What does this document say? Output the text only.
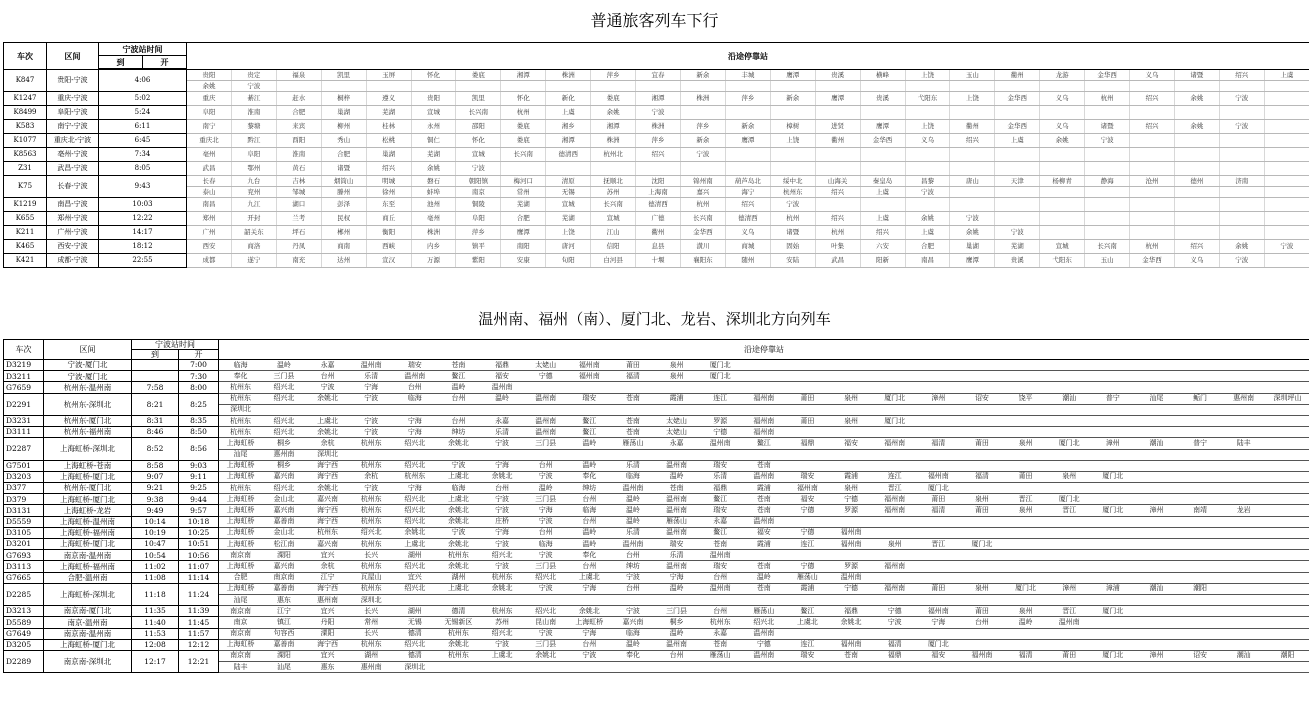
普通旅客列车下行
车次	区间	宁波站时间		沿途停靠站																								
		到	开																									

K847	贵阳-宁波	4:06		贵阳	贵定	福泉	凯里	玉屏	怀化	娄底	湘潭	株洲	萍乡	宜春	新余	丰城	鹰潭	贵溪	横峰	上饶	玉山	衢州	龙游	金华西	义乌	诸暨	绍兴	上虞
				余姚	宁波																							
K1247	重庆-宁波	5:02		重庆	綦江	赶水	桐梓	遵义	贵阳	凯里	怀化	新化	娄底	湘潭	株洲	萍乡	新余	鹰潭	贵溪	弋阳东	上饶	金华西	义乌	杭州	绍兴	余姚	宁波	
K8499	阜阳-宁波	5:24		阜阳	淮南	合肥	巢湖	芜湖	宣城	长兴南	杭州	上虞	余姚	宁波														
K583	南宁-宁波	6:11		南宁	黎塘	来宾	柳州	桂林	永州	邵阳	娄底	湘乡	湘潭	株洲	萍乡	新余	樟树	进贤	鹰潭	上饶	衢州	金华西	义乌	诸暨	绍兴	余姚	宁波	
K1077	重庆北-宁波	6:45		重庆北	黔江	酉阳	秀山	松桃	铜仁	怀化	娄底	湘潭	株洲	萍乡	新余	鹰潭	上饶	衢州	金华西	义乌	绍兴	上虞	余姚	宁波				
K8563	亳州-宁波	7:34		亳州	阜阳	淮南	合肥	巢湖	芜湖	宣城	长兴南	德清西	杭州北	绍兴	宁波													
Z31	武昌-宁波	8:05		武昌	鄂州	黄石	诸暨	绍兴	余姚	宁波																		
K75	长春-宁波	9:43		长春	九台	吉林	烟筒山	明城	磐石	朝阳镇	梅河口	清原	抚顺北	沈阳	锦州南	葫芦岛北	绥中北	山海关	秦皇岛	昌黎	唐山	天津	杨柳青	静海	沧州	德州	济南	
				泰山	兖州	邹城	滕州	徐州	蚌埠	南京	常州	无锡	苏州	上海南	嘉兴	海宁	杭州东	绍兴	上虞	宁波								
K1219	南昌-宁波	10:03		南昌	九江	湖口	彭泽	东至	池州	铜陵	芜湖	宣城	长兴南	德清西	杭州	绍兴	宁波											
K655	郑州-宁波	12:22		郑州	开封	兰考	民权	商丘	亳州	阜阳	合肥	芜湖	宣城	广德	长兴南	德清西	杭州	绍兴	上虞	余姚	宁波							
K211	广州-宁波	14:17		广州	韶关东	坪石	郴州	衡阳	株洲	萍乡	鹰潭	上饶	江山	衢州	金华西	义乌	诸暨	杭州	绍兴	上虞	余姚	宁波						
K465	西安-宁波	18:12		西安	商洛	丹凤	商南	西峡	内乡	镇平	南阳	唐河	信阳	息县	潢川	商城	固始	叶集	六安	合肥	巢湖	芜湖	宣城	长兴南	杭州	绍兴	余姚	宁波
K421	成都-宁波	22:55		成都	遂宁	南充	达州	宣汉	万源	紫阳	安康	旬阳	白河县	十堰	襄阳东	随州	安陆	武昌	阳新	南昌	鹰潭	贵溪	弋阳东	玉山	金华西	义乌	宁波	
温州南、福州（南）、厦门北、龙岩、深圳北方向列车
车次	区间	宁波站时间		沿途停靠站																								
		到	开																									
D3219	宁波-厦门北		7:00	临海	温岭	永嘉	温州南	瑞安	苍南	福鼎	太姥山	福州南	莆田	泉州	厦门北													
D3211	宁波-厦门北		7:30	奉化	三门县	台州	乐清	温州南	鳌江	福安	宁德	福州南	福清	泉州	厦门北													
G7659	杭州东-温州南	7:58	8:00	杭州东	绍兴北	宁波	宁海	台州	温岭	温州南																		
D2291	杭州东-深圳北	8:21	8:25	杭州东	绍兴北	余姚北	宁波	临海	台州	温岭	温州南	瑞安	苍南	霞浦	连江	福州南	莆田	泉州	厦门北	漳州	诏安	饶平	潮汕	普宁	汕尾	鲘门	惠州南	深圳坪山
				深圳北																								
D3231	杭州东-厦门北	8:31	8:35	杭州东	绍兴北	上虞北	宁波	宁海	台州	永嘉	温州南	鳌江	苍南	太姥山	罗源	福州南	莆田	泉州	厦门北									
D3111	杭州东-福州南	8:46	8:50	杭州东	绍兴北	余姚北	宁波	宁海	绅坊	乐清	温州南	鳌江	苍南	太姥山	宁德	福州南												
D2287	上海虹桥-深圳北	8:52	8:56	上海虹桥	桐乡	余杭	杭州东	绍兴北	余姚北	宁波	三门县	温岭	雁荡山	永嘉	温州南	鳌江	福鼎	福安	福州南	福清	莆田	泉州	厦门北	漳州	潮汕	普宁	陆丰	
				汕尾	惠州南	深圳北																						
G7501	上海虹桥-苍南	8:58	9:03	上海虹桥	桐乡	海宁西	杭州东	绍兴北	宁波	宁海	台州	温岭	乐清	温州南	瑞安	苍南												
D3203	上海虹桥-厦门北	9:07	9:11	上海虹桥	嘉兴南	海宁西	余杭	杭州东	上虞北	余姚北	宁波	奉化	临海	温岭	乐清	温州南	瑞安	霞浦	连江	福州南	福清	莆田	泉州	厦门北				
D377	杭州东-厦门北	9:21	9:25	杭州东	绍兴北	余姚北	宁波	宁海	临海	台州	温岭	绅坊	温州南	苍南	福鼎	霞浦	福州南	泉州	晋江	厦门北								
D379	上海虹桥-厦门北	9:38	9:44	上海虹桥	金山北	嘉兴南	杭州东	绍兴北	上虞北	宁波	三门县	台州	温岭	温州南	鳌江	苍南	福安	宁德	福州南	莆田	泉州	晋江	厦门北					
D3131	上海虹桥-龙岩	9:49	9:57	上海虹桥	嘉兴南	海宁西	杭州东	绍兴北	余姚北	宁波	宁海	临海	温岭	温州南	瑞安	苍南	宁德	罗源	福州南	福清	莆田	泉州	晋江	厦门北	漳州	南靖	龙岩	
D5559	上海虹桥-温州南	10:14	10:18	上海虹桥	嘉善南	海宁西	杭州东	绍兴北	余姚北	庄桥	宁波	台州	温岭	雁荡山	永嘉	温州南												
D3105	上海虹桥-福州南	10:19	10:25	上海虹桥	金山北	杭州东	绍兴北	余姚北	宁波	宁海	台州	温岭	乐清	温州南	鳌江	福安	宁德	福州南										
D3201	上海虹桥-厦门北	10:47	10:51	上海虹桥	松江南	嘉兴南	杭州东	上虞北	余姚北	宁波	临海	温岭	温州南	瑞安	苍南	霞浦	连江	福州南	泉州	晋江	厦门北							
G7693	南京南-温州南	10:54	10:56	南京南	溧阳	宜兴	长兴	湖州	杭州东	绍兴北	宁波	奉化	台州	乐清	温州南													
D3113	上海虹桥-福州南	11:02	11:07	上海虹桥	嘉兴南	余杭	杭州东	绍兴北	余姚北	宁波	三门县	台州	绅坊	温州南	瑞安	苍南	宁德	罗源	福州南									
G7665	合肥-温州南	11:08	11:14	合肥	南京南	江宁	瓦屋山	宜兴	湖州	杭州东	绍兴北	上虞北	宁波	宁海	台州	温岭	雁荡山	温州南										
D2285	上海虹桥-深圳北	11:18	11:24	上海虹桥	嘉善南	海宁西	杭州东	绍兴北	上虞北	余姚北	宁波	宁海	台州	温岭	温州南	苍南	霞浦	宁德	福州南	莆田	泉州	厦门北	漳州	漳浦	潮汕	潮阳		
				汕尾	惠东	惠州南	深圳北																					
D3213	南京南-厦门北	11:35	11:39	南京南	江宁	宜兴	长兴	湖州	德清	杭州东	绍兴北	余姚北	宁波	三门县	台州	雁荡山	鳌江	福鼎	宁德	福州南	莆田	泉州	晋江	厦门北				
D5589	南京-温州南	11:40	11:45	南京	镇江	丹阳	常州	无锡	无锡新区	苏州	昆山南	上海虹桥	嘉兴南	桐乡	杭州东	绍兴北	上虞北	余姚北	宁波	宁海	台州	温岭	温州南					
G7649	南京南-温州南	11:53	11:57	南京南	句容西	溧阳	长兴	德清	杭州东	绍兴北	宁波	宁海	临海	温岭	永嘉	温州南												
D3205	上海虹桥-厦门北	12:08	12:12	上海虹桥	嘉善南	海宁西	杭州东	绍兴北	余姚北	宁波	三门县	台州	温岭	温州南	苍南	宁德	连江	福州南	福清	厦门北								
D2289	南京南-深圳北	12:17	12:21	南京南	溧阳	宜兴	湖州	德清	杭州东	上虞北	余姚北	宁波	奉化	台州	雁荡山	温州南	瑞安	苍南	福鼎	福安	福州南	福清	莆田	厦门北	漳州	诏安	潮汕	潮阳
				陆丰	汕尾	惠东	惠州南	深圳北																				
